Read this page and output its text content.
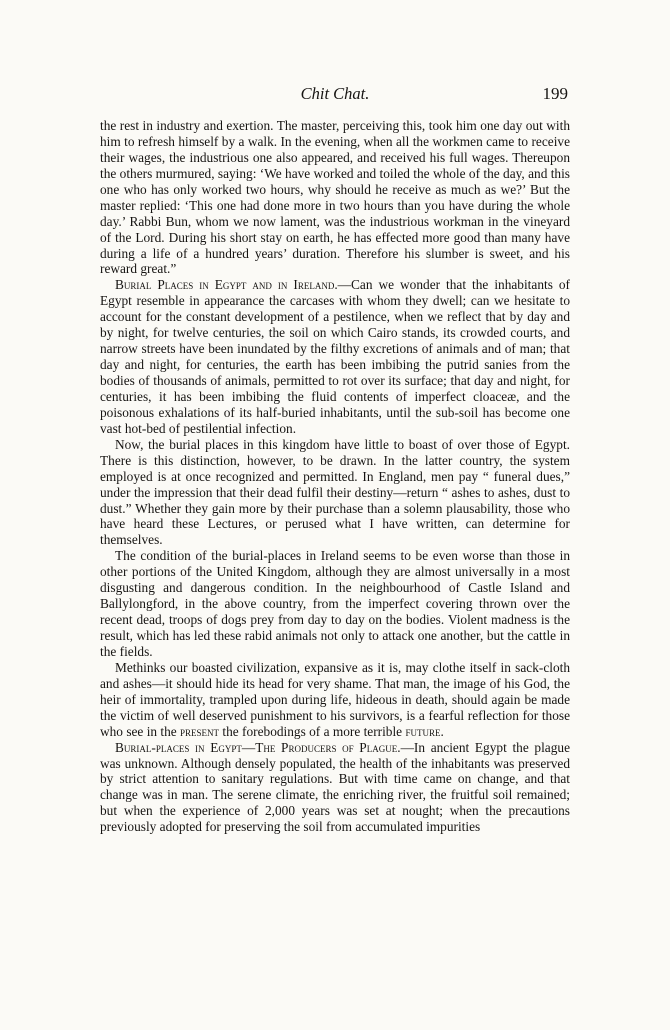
Chit Chat.	199

the rest in industry and exertion. The master, perceiving this, took him one day out with him to refresh himself by a walk. In the evening, when all the workmen came to receive their wages, the industrious one also appeared, and received his full wages. Thereupon the others murmured, saying: ‘We have worked and toiled the whole of the day, and this one who has only worked two hours, why should he receive as much as we?’ But the master replied: ‘This one had done more in two hours than you have during the whole day.’ Rabbi Bun, whom we now lament, was the industrious workman in the vineyard of the Lord. During his short stay on earth, he has effected more good than many have during a life of a hundred years’ duration. Therefore his slumber is sweet, and his reward great.”

Burial Places in Egypt and in Ireland.—Can we wonder that the inhabitants of Egypt resemble in appearance the carcases with whom they dwell; can we hesitate to account for the constant development of a pestilence, when we reflect that by day and by night, for twelve centuries, the soil on which Cairo stands, its crowded courts, and narrow streets have been inundated by the filthy excretions of animals and of man; that day and night, for centuries, the earth has been imbibing the putrid sanies from the bodies of thousands of animals, permitted to rot over its surface; that day and night, for centuries, it has been imbibing the fluid contents of imperfect cloaceæ, and the poisonous exhalations of its half-buried inhabitants, until the sub-soil has become one vast hot-bed of pestilential infection.

Now, the burial places in this kingdom have little to boast of over those of Egypt. There is this distinction, however, to be drawn. In the latter country, the system employed is at once recognized and permitted. In England, men pay “ funeral dues,” under the impression that their dead fulfil their destiny—return “ ashes to ashes, dust to dust.” Whether they gain more by their purchase than a solemn plausability, those who have heard these Lectures, or perused what I have written, can determine for themselves.

The condition of the burial-places in Ireland seems to be even worse than those in other portions of the United Kingdom, although they are almost universally in a most disgusting and dangerous condition. In the neighbourhood of Castle Island and Ballylongford, in the above country, from the imperfect covering thrown over the recent dead, troops of dogs prey from day to day on the bodies. Violent madness is the result, which has led these rabid animals not only to attack one another, but the cattle in the fields.

Methinks our boasted civilization, expansive as it is, may clothe itself in sack-cloth and ashes—it should hide its head for very shame. That man, the image of his God, the heir of immortality, trampled upon during life, hideous in death, should again be made the victim of well deserved punishment to his survivors, is a fearful reflection for those who see in the present the forebodings of a more terrible future.

Burial-places in Egypt—The Producers of Plague.—In ancient Egypt the plague was unknown. Although densely populated, the health of the inhabitants was preserved by strict attention to sanitary regulations. But with time came on change, and that change was in man. The serene climate, the enriching river, the fruitful soil remained; but when the experience of 2,000 years was set at nought; when the precautions previously adopted for preserving the soil from accumulated impurities
